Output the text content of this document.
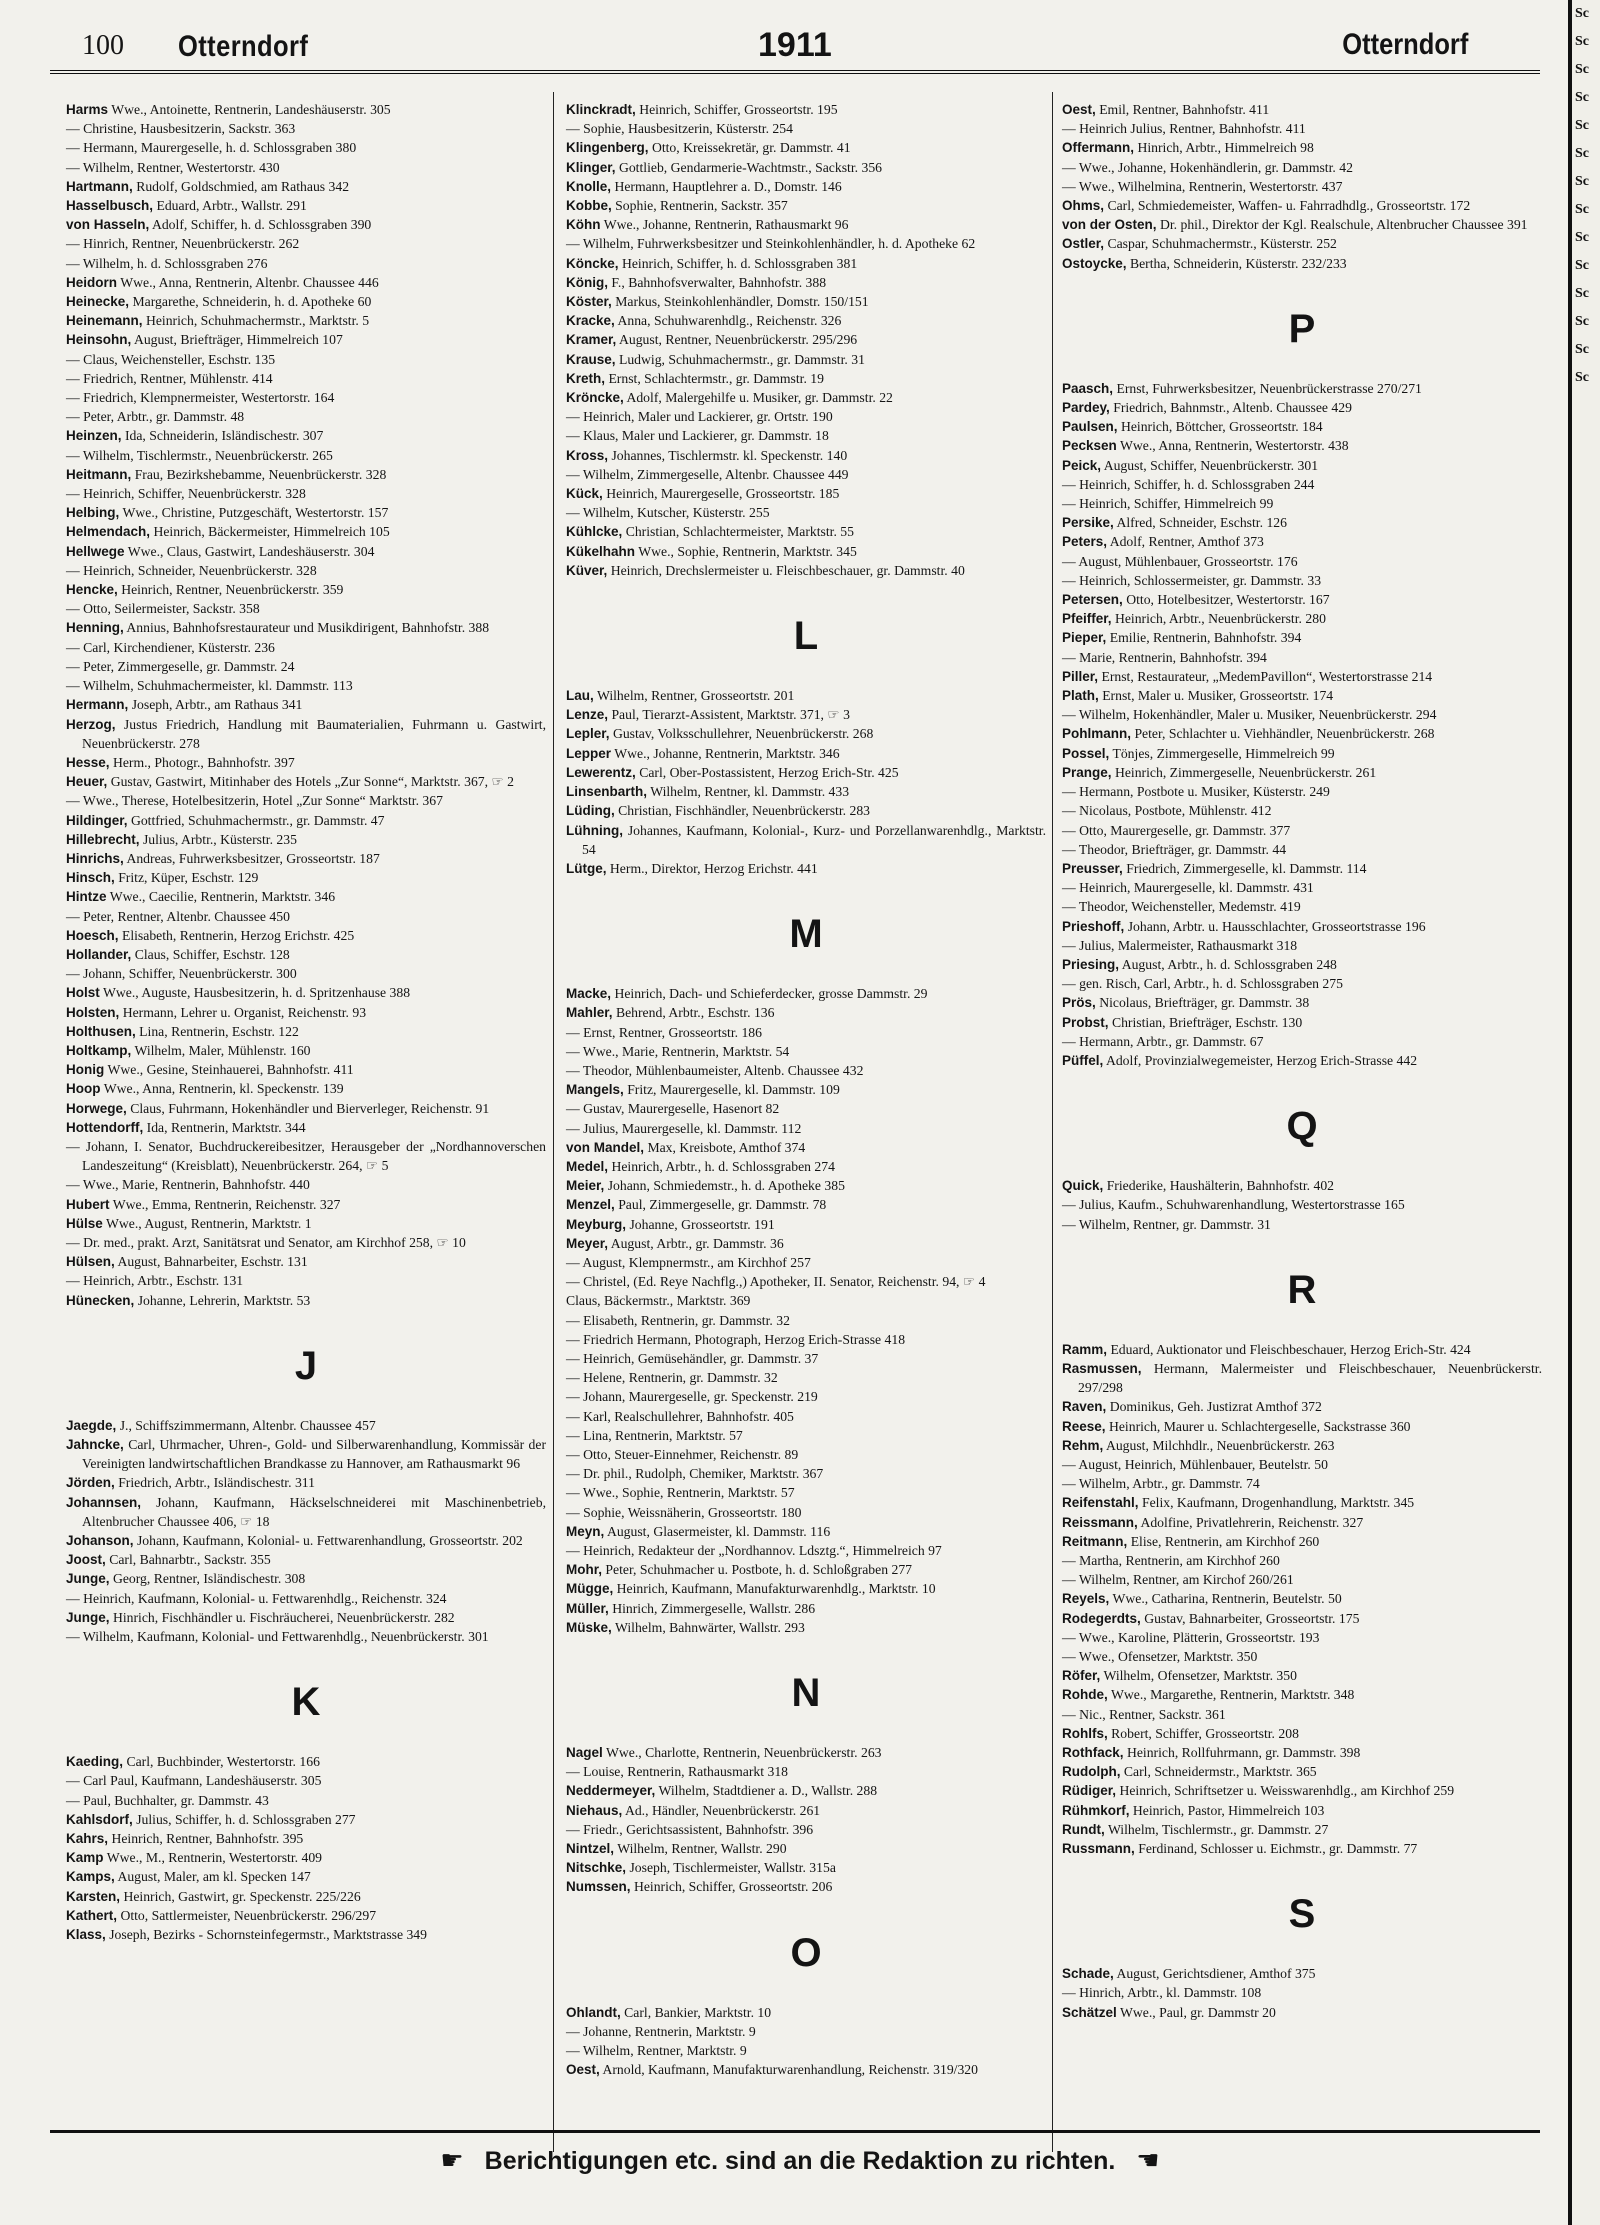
100 Otterndorf	1911	Otterndorf

Harms Wwe., Antoinette, Rentnerin, Landeshäuserstr. 305

— Christine, Hausbesitzerin, Sackstr. 363

— Hermann, Maurergeselle, h. d. Schlossgraben 380

— Wilhelm, Rentner, Westertorstr. 430

Hartmann, Rudolf, Goldschmied, am Rathaus 342

Hasselbusch, Eduard, Arbtr., Wallstr. 291

von Hasseln, Adolf, Schiffer, h. d. Schlossgraben 390

— Hinrich, Rentner, Neuenbrückerstr. 262

— Wilhelm, h. d. Schlossgraben 276

Heidorn Wwe., Anna, Rentnerin, Altenbr. Chaussee 446

Heinecke, Margarethe, Schneiderin, h. d. Apotheke 60

Heinemann, Heinrich, Schuhmachermstr., Marktstr. 5

Heinsohn, August, Briefträger, Himmelreich 107

— Claus, Weichensteller, Eschstr. 135

— Friedrich, Rentner, Mühlenstr. 414

— Friedrich, Klempnermeister, Westertorstr. 164

— Peter, Arbtr., gr. Dammstr. 48

Heinzen, Ida, Schneiderin, Isländischestr. 307

— Wilhelm, Tischlermstr., Neuenbrückerstr. 265

Heitmann, Frau, Bezirkshebamme, Neuenbrückerstr. 328

— Heinrich, Schiffer, Neuenbrückerstr. 328

Helbing, Wwe., Christine, Putzgeschäft, Westertorstr. 157

Helmendach, Heinrich, Bäckermeister, Himmelreich 105

Hellwege Wwe., Claus, Gastwirt, Landeshäuserstr. 304

— Heinrich, Schneider, Neuenbrückerstr. 328

Hencke, Heinrich, Rentner, Neuenbrückerstr. 359

— Otto, Seilermeister, Sackstr. 358

Henning, Annius, Bahnhofsrestaurateur und Musikdirigent, Bahnhofstr. 388

— Carl, Kirchendiener, Küsterstr. 236

— Peter, Zimmergeselle, gr. Dammstr. 24

— Wilhelm, Schuhmachermeister, kl. Dammstr. 113

Hermann, Joseph, Arbtr., am Rathaus 341

Herzog, Justus Friedrich, Handlung mit Baumaterialien, Fuhrmann u. Gastwirt, Neuenbrückerstr. 278

Hesse, Herm., Photogr., Bahnhofstr. 397

Heuer, Gustav, Gastwirt, Mitinhaber des Hotels „Zur Sonne“, Marktstr. 367, ☞ 2

— Wwe., Therese, Hotelbesitzerin, Hotel „Zur Sonne“ Marktstr. 367

Hildinger, Gottfried, Schuhmachermstr., gr. Dammstr. 47

Hillebrecht, Julius, Arbtr., Küsterstr. 235

Hinrichs, Andreas, Fuhrwerksbesitzer, Grosseortstr. 187

Hinsch, Fritz, Küper, Eschstr. 129

Hintze Wwe., Caecilie, Rentnerin, Marktstr. 346

— Peter, Rentner, Altenbr. Chaussee 450

Hoesch, Elisabeth, Rentnerin, Herzog Erichstr. 425

Hollander, Claus, Schiffer, Eschstr. 128

— Johann, Schiffer, Neuenbrückerstr. 300

Holst Wwe., Auguste, Hausbesitzerin, h. d. Spritzenhause 388

Holsten, Hermann, Lehrer u. Organist, Reichenstr. 93

Holthusen, Lina, Rentnerin, Eschstr. 122

Holtkamp, Wilhelm, Maler, Mühlenstr. 160

Honig Wwe., Gesine, Steinhauerei, Bahnhofstr. 411

Hoop Wwe., Anna, Rentnerin, kl. Speckenstr. 139

Horwege, Claus, Fuhrmann, Hokenhändler und Bierverleger, Reichenstr. 91

Hottendorff, Ida, Rentnerin, Marktstr. 344

— Johann, I. Senator, Buchdruckereibesitzer, Herausgeber der „Nordhannoverschen Landeszeitung“ (Kreisblatt), Neuenbrückerstr. 264, ☞ 5

— Wwe., Marie, Rentnerin, Bahnhofstr. 440

Hubert Wwe., Emma, Rentnerin, Reichenstr. 327

Hülse Wwe., August, Rentnerin, Marktstr. 1

— Dr. med., prakt. Arzt, Sanitätsrat und Senator, am Kirchhof 258, ☞ 10

Hülsen, August, Bahnarbeiter, Eschstr. 131

— Heinrich, Arbtr., Eschstr. 131

Hünecken, Johanne, Lehrerin, Marktstr. 53

J

Jaegde, J., Schiffszimmermann, Altenbr. Chaussee 457

Jahncke, Carl, Uhrmacher, Uhren-, Gold- und Silberwarenhandlung, Kommissär der Vereinigten landwirtschaftlichen Brandkasse zu Hannover, am Rathausmarkt 96

Jörden, Friedrich, Arbtr., Isländischestr. 311

Johannsen, Johann, Kaufmann, Häckselschneiderei mit Maschinenbetrieb, Altenbrucher Chaussee 406, ☞ 18

Johanson, Johann, Kaufmann, Kolonial- u. Fettwarenhandlung, Grosseortstr. 202

Joost, Carl, Bahnarbtr., Sackstr. 355

Junge, Georg, Rentner, Isländischestr. 308

— Heinrich, Kaufmann, Kolonial- u. Fettwarenhdlg., Reichenstr. 324

Junge, Hinrich, Fischhändler u. Fischräucherei, Neuenbrückerstr. 282

— Wilhelm, Kaufmann, Kolonial- und Fettwarenhdlg., Neuenbrückerstr. 301

K

Kaeding, Carl, Buchbinder, Westertorstr. 166

— Carl Paul, Kaufmann, Landeshäuserstr. 305

— Paul, Buchhalter, gr. Dammstr. 43

Kahlsdorf, Julius, Schiffer, h. d. Schlossgraben 277

Kahrs, Heinrich, Rentner, Bahnhofstr. 395

Kamp Wwe., M., Rentnerin, Westertorstr. 409

Kamps, August, Maler, am kl. Specken 147

Karsten, Heinrich, Gastwirt, gr. Speckenstr. 225/226

Kathert, Otto, Sattlermeister, Neuenbrückerstr. 296/297

Klass, Joseph, Bezirks - Schornsteinfegermstr., Marktstrasse 349

Klinckradt, Heinrich, Schiffer, Grosseortstr. 195

— Sophie, Hausbesitzerin, Küsterstr. 254

Klingenberg, Otto, Kreissekretär, gr. Dammstr. 41

Klinger, Gottlieb, Gendarmerie-Wachtmstr., Sackstr. 356

Knolle, Hermann, Hauptlehrer a. D., Domstr. 146

Kobbe, Sophie, Rentnerin, Sackstr. 357

Köhn Wwe., Johanne, Rentnerin, Rathausmarkt 96

— Wilhelm, Fuhrwerksbesitzer und Steinkohlenhändler, h. d. Apotheke 62

Köncke, Heinrich, Schiffer, h. d. Schlossgraben 381

König, F., Bahnhofsverwalter, Bahnhofstr. 388

Köster, Markus, Steinkohlenhändler, Domstr. 150/151

Kracke, Anna, Schuhwarenhdlg., Reichenstr. 326

Kramer, August, Rentner, Neuenbrückerstr. 295/296

Krause, Ludwig, Schuhmachermstr., gr. Dammstr. 31

Kreth, Ernst, Schlachtermstr., gr. Dammstr. 19

Kröncke, Adolf, Malergehilfe u. Musiker, gr. Dammstr. 22

— Heinrich, Maler und Lackierer, gr. Ortstr. 190

— Klaus, Maler und Lackierer, gr. Dammstr. 18

Kross, Johannes, Tischlermstr. kl. Speckenstr. 140

— Wilhelm, Zimmergeselle, Altenbr. Chaussee 449

Kück, Heinrich, Maurergeselle, Grosseortstr. 185

— Wilhelm, Kutscher, Küsterstr. 255

Kühlcke, Christian, Schlachtermeister, Marktstr. 55

Kükelhahn Wwe., Sophie, Rentnerin, Marktstr. 345

Küver, Heinrich, Drechslermeister u. Fleischbeschauer, gr. Dammstr. 40

L

Lau, Wilhelm, Rentner, Grosseortstr. 201

Lenze, Paul, Tierarzt-Assistent, Marktstr. 371, ☞ 3

Lepler, Gustav, Volksschullehrer, Neuenbrückerstr. 268

Lepper Wwe., Johanne, Rentnerin, Marktstr. 346

Lewerentz, Carl, Ober-Postassistent, Herzog Erich-Str. 425

Linsenbarth, Wilhelm, Rentner, kl. Dammstr. 433

Lüding, Christian, Fischhändler, Neuenbrückerstr. 283

Lühning, Johannes, Kaufmann, Kolonial-, Kurz- und Porzellanwarenhdlg., Marktstr. 54

Lütge, Herm., Direktor, Herzog Erichstr. 441

M

Macke, Heinrich, Dach- und Schieferdecker, grosse Dammstr. 29

Mahler, Behrend, Arbtr., Eschstr. 136

— Ernst, Rentner, Grosseortstr. 186

— Wwe., Marie, Rentnerin, Marktstr. 54

— Theodor, Mühlenbaumeister, Altenb. Chaussee 432

Mangels, Fritz, Maurergeselle, kl. Dammstr. 109

— Gustav, Maurergeselle, Hasenort 82

— Julius, Maurergeselle, kl. Dammstr. 112

von Mandel, Max, Kreisbote, Amthof 374

Medel, Heinrich, Arbtr., h. d. Schlossgraben 274

Meier, Johann, Schmiedemstr., h. d. Apotheke 385

Menzel, Paul, Zimmergeselle, gr. Dammstr. 78

Meyburg, Johanne, Grosseortstr. 191

Meyer, August, Arbtr., gr. Dammstr. 36

— August, Klempnermstr., am Kirchhof 257

— Christel, (Ed. Reye Nachflg.,) Apotheker, II. Senator, Reichenstr. 94, ☞ 4

Claus, Bäckermstr., Marktstr. 369

— Elisabeth, Rentnerin, gr. Dammstr. 32

— Friedrich Hermann, Photograph, Herzog Erich-Strasse 418

— Heinrich, Gemüsehändler, gr. Dammstr. 37

— Helene, Rentnerin, gr. Dammstr. 32

— Johann, Maurergeselle, gr. Speckenstr. 219

— Karl, Realschullehrer, Bahnhofstr. 405

— Lina, Rentnerin, Marktstr. 57

— Otto, Steuer-Einnehmer, Reichenstr. 89

— Dr. phil., Rudolph, Chemiker, Marktstr. 367

— Wwe., Sophie, Rentnerin, Marktstr. 57

— Sophie, Weissnäherin, Grosseortstr. 180

Meyn, August, Glasermeister, kl. Dammstr. 116

— Heinrich, Redakteur der „Nordhannov. Ldsztg.“, Himmelreich 97

Mohr, Peter, Schuhmacher u. Postbote, h. d. Schloßgraben 277

Mügge, Heinrich, Kaufmann, Manufakturwarenhdlg., Marktstr. 10

Müller, Hinrich, Zimmergeselle, Wallstr. 286

Müske, Wilhelm, Bahnwärter, Wallstr. 293

N

Nagel Wwe., Charlotte, Rentnerin, Neuenbrückerstr. 263

— Louise, Rentnerin, Rathausmarkt 318

Neddermeyer, Wilhelm, Stadtdiener a. D., Wallstr. 288

Niehaus, Ad., Händler, Neuenbrückerstr. 261

— Friedr., Gerichtsassistent, Bahnhofstr. 396

Nintzel, Wilhelm, Rentner, Wallstr. 290

Nitschke, Joseph, Tischlermeister, Wallstr. 315a

Numssen, Heinrich, Schiffer, Grosseortstr. 206

O

Ohlandt, Carl, Bankier, Marktstr. 10

— Johanne, Rentnerin, Marktstr. 9

— Wilhelm, Rentner, Marktstr. 9

Oest, Arnold, Kaufmann, Manufakturwarenhandlung, Reichenstr. 319/320

Oest, Emil, Rentner, Bahnhofstr. 411

— Heinrich Julius, Rentner, Bahnhofstr. 411

Offermann, Hinrich, Arbtr., Himmelreich 98

— Wwe., Johanne, Hokenhändlerin, gr. Dammstr. 42

— Wwe., Wilhelmina, Rentnerin, Westertorstr. 437

Ohms, Carl, Schmiedemeister, Waffen- u. Fahrradhdlg., Grosseortstr. 172

von der Osten, Dr. phil., Direktor der Kgl. Realschule, Altenbrucher Chaussee 391

Ostler, Caspar, Schuhmachermstr., Küsterstr. 252

Ostoycke, Bertha, Schneiderin, Küsterstr. 232/233

P

Paasch, Ernst, Fuhrwerksbesitzer, Neuenbrückerstrasse 270/271

Pardey, Friedrich, Bahnmstr., Altenb. Chaussee 429

Paulsen, Heinrich, Böttcher, Grosseortstr. 184

Pecksen Wwe., Anna, Rentnerin, Westertorstr. 438

Peick, August, Schiffer, Neuenbrückerstr. 301

— Heinrich, Schiffer, h. d. Schlossgraben 244

— Heinrich, Schiffer, Himmelreich 99

Persike, Alfred, Schneider, Eschstr. 126

Peters, Adolf, Rentner, Amthof 373

— August, Mühlenbauer, Grosseortstr. 176

— Heinrich, Schlossermeister, gr. Dammstr. 33

Petersen, Otto, Hotelbesitzer, Westertorstr. 167

Pfeiffer, Heinrich, Arbtr., Neuenbrückerstr. 280

Pieper, Emilie, Rentnerin, Bahnhofstr. 394

— Marie, Rentnerin, Bahnhofstr. 394

Piller, Ernst, Restaurateur, „MedemPavillon“, Westertorstrasse 214

Plath, Ernst, Maler u. Musiker, Grosseortstr. 174

— Wilhelm, Hokenhändler, Maler u. Musiker, Neuenbrückerstr. 294

Pohlmann, Peter, Schlachter u. Viehhändler, Neuenbrückerstr. 268

Possel, Tönjes, Zimmergeselle, Himmelreich 99

Prange, Heinrich, Zimmergeselle, Neuenbrückerstr. 261

— Hermann, Postbote u. Musiker, Küsterstr. 249

— Nicolaus, Postbote, Mühlenstr. 412

— Otto, Maurergeselle, gr. Dammstr. 377

— Theodor, Briefträger, gr. Dammstr. 44

Preusser, Friedrich, Zimmergeselle, kl. Dammstr. 114

— Heinrich, Maurergeselle, kl. Dammstr. 431

— Theodor, Weichensteller, Medemstr. 419

Prieshoff, Johann, Arbtr. u. Hausschlachter, Grosseortstrasse 196

— Julius, Malermeister, Rathausmarkt 318

Priesing, August, Arbtr., h. d. Schlossgraben 248

— gen. Risch, Carl, Arbtr., h. d. Schlossgraben 275

Prös, Nicolaus, Briefträger, gr. Dammstr. 38

Probst, Christian, Briefträger, Eschstr. 130

— Hermann, Arbtr., gr. Dammstr. 67

Püffel, Adolf, Provinzialwegemeister, Herzog Erich-Strasse 442

Q

Quick, Friederike, Haushälterin, Bahnhofstr. 402

— Julius, Kaufm., Schuhwarenhandlung, Westertorstrasse 165

— Wilhelm, Rentner, gr. Dammstr. 31

R

Ramm, Eduard, Auktionator und Fleischbeschauer, Herzog Erich-Str. 424

Rasmussen, Hermann, Malermeister und Fleischbeschauer, Neuenbrückerstr. 297/298

Raven, Dominikus, Geh. Justizrat Amthof 372

Reese, Heinrich, Maurer u. Schlachtergeselle, Sackstrasse 360

Rehm, August, Milchhdlr., Neuenbrückerstr. 263

— August, Heinrich, Mühlenbauer, Beutelstr. 50

— Wilhelm, Arbtr., gr. Dammstr. 74

Reifenstahl, Felix, Kaufmann, Drogenhandlung, Marktstr. 345

Reissmann, Adolfine, Privatlehrerin, Reichenstr. 327

Reitmann, Elise, Rentnerin, am Kirchhof 260

— Martha, Rentnerin, am Kirchhof 260

— Wilhelm, Rentner, am Kirchof 260/261

Reyels, Wwe., Catharina, Rentnerin, Beutelstr. 50

Rodegerdts, Gustav, Bahnarbeiter, Grosseortstr. 175

— Wwe., Karoline, Plätterin, Grosseortstr. 193

— Wwe., Ofensetzer, Marktstr. 350

Röfer, Wilhelm, Ofensetzer, Marktstr. 350

Rohde, Wwe., Margarethe, Rentnerin, Marktstr. 348

— Nic., Rentner, Sackstr. 361

Rohlfs, Robert, Schiffer, Grosseortstr. 208

Rothfack, Heinrich, Rollfuhrmann, gr. Dammstr. 398

Rudolph, Carl, Schneidermstr., Marktstr. 365

Rüdiger, Heinrich, Schriftsetzer u. Weisswarenhdlg., am Kirchhof 259

Rühmkorf, Heinrich, Pastor, Himmelreich 103

Rundt, Wilhelm, Tischlermstr., gr. Dammstr. 27

Russmann, Ferdinand, Schlosser u. Eichmstr., gr. Dammstr. 77

S

Schade, August, Gerichtsdiener, Amthof 375

— Hinrich, Arbtr., kl. Dammstr. 108

Schätzel Wwe., Paul, gr. Dammstr 20

☛ Berichtigungen etc. sind an die Redaktion zu richten. ☚
Sc
Sc
Sc
Sc
Sc
Sc
Sc
Sc
Sc
Sc
Sc
Sc
Sc
Sc
